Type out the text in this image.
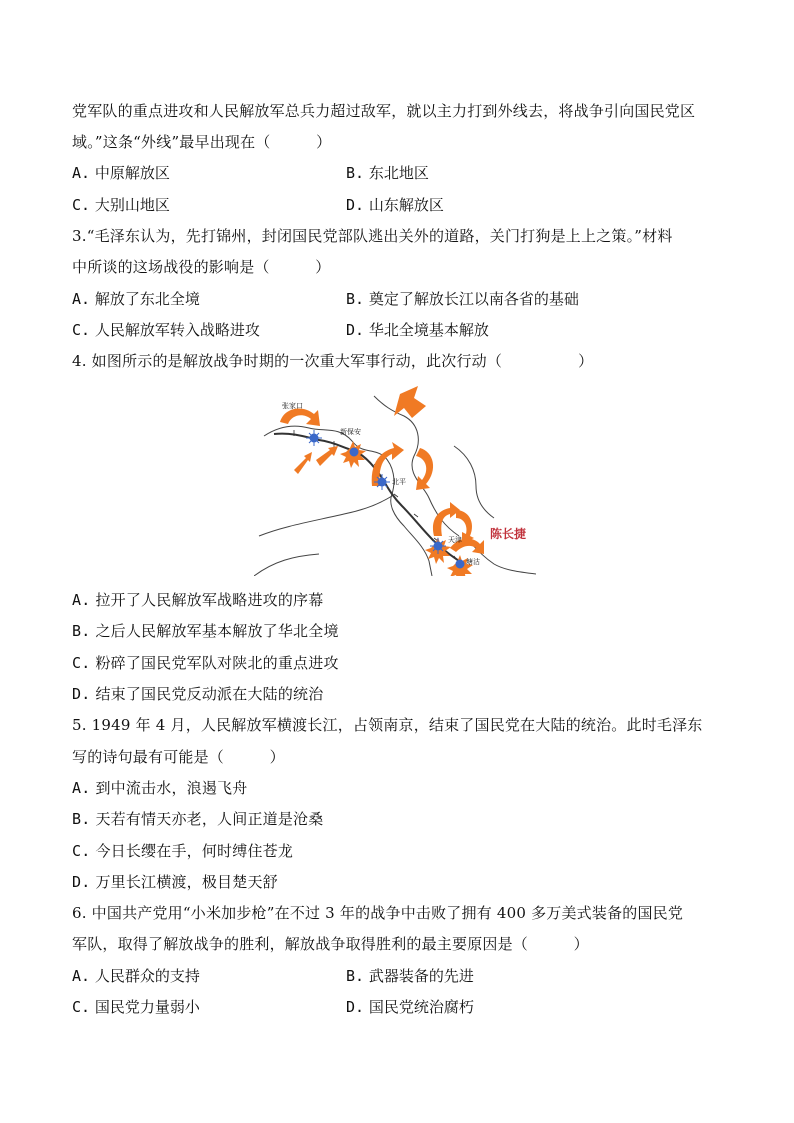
党军队的重点进攻和人民解放军总兵力超过敌军，就以主力打到外线去，将战争引向国民党区
域。”这条“外线”最早出现在（　　　）
A. 中原解放区	B. 东北地区
C. 大别山地区	D. 山东解放区
3.“毛泽东认为，先打锦州，封闭国民党部队逃出关外的道路，关门打狗是上上之策。”材料
中所谈的这场战役的影响是（　　　）
A. 解放了东北全境	B. 奠定了解放长江以南各省的基础
C. 人民解放军转入战略进攻	D. 华北全境基本解放
4. 如图所示的是解放战争时期的一次重大军事行动，此次行动（　　　　　）
张家口
新保安
北平
天津
塘沽
陈长捷
A. 拉开了人民解放军战略进攻的序幕
B. 之后人民解放军基本解放了华北全境
C. 粉碎了国民党军队对陕北的重点进攻
D. 结束了国民党反动派在大陆的统治
5. 1949 年 4 月，人民解放军横渡长江，占领南京，结束了国民党在大陆的统治。此时毛泽东
写的诗句最有可能是（　　　）
A. 到中流击水，浪遏飞舟
B. 天若有情天亦老，人间正道是沧桑
C. 今日长缨在手，何时缚住苍龙
D. 万里长江横渡，极目楚天舒
6. 中国共产党用“小米加步枪”在不过 3 年的战争中击败了拥有 400 多万美式装备的国民党
军队，取得了解放战争的胜利，解放战争取得胜利的最主要原因是（　　　）
A. 人民群众的支持	B. 武器装备的先进
C. 国民党力量弱小	D. 国民党统治腐朽
